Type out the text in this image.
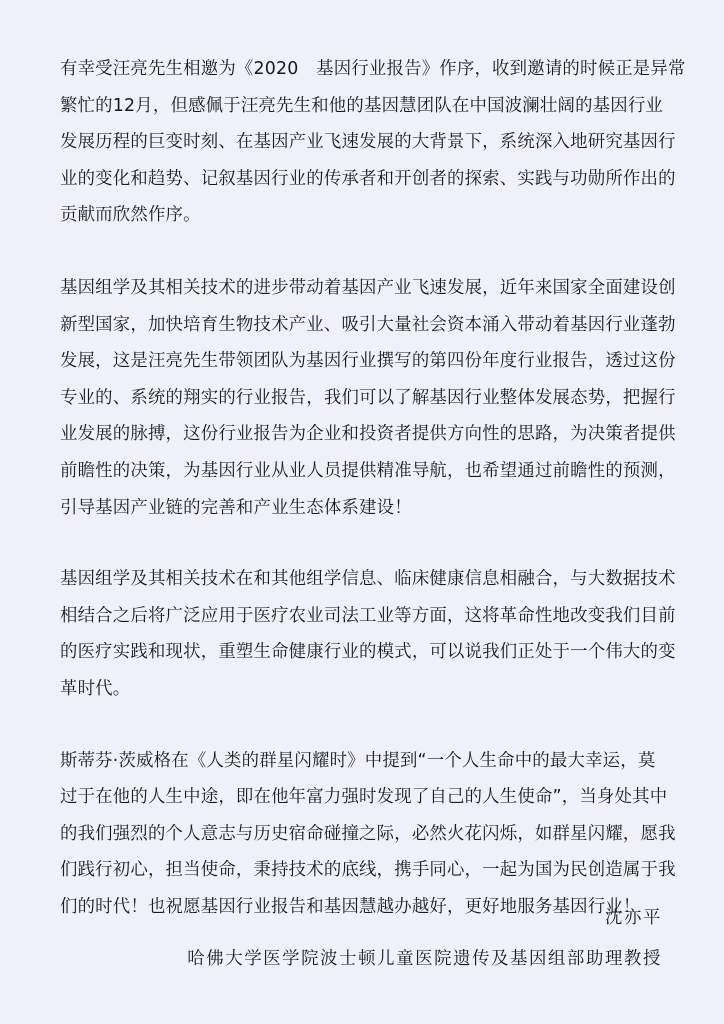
有幸受汪亮先生相邀为《2020　基因行业报告》作序，收到邀请的时候正是异常
繁忙的12月，但感佩于汪亮先生和他的基因慧团队在中国波澜壮阔的基因行业
发展历程的巨变时刻、在基因产业飞速发展的大背景下，系统深入地研究基因行
业的变化和趋势、记叙基因行业的传承者和开创者的探索、实践与功勋所作出的
贡献而欣然作序。

基因组学及其相关技术的进步带动着基因产业飞速发展，近年来国家全面建设创
新型国家，加快培育生物技术产业、吸引大量社会资本涌入带动着基因行业蓬勃
发展，这是汪亮先生带领团队为基因行业撰写的第四份年度行业报告，透过这份
专业的、系统的翔实的行业报告，我们可以了解基因行业整体发展态势，把握行
业发展的脉搏，这份行业报告为企业和投资者提供方向性的思路，为决策者提供
前瞻性的决策，为基因行业从业人员提供精准导航，也希望通过前瞻性的预测，
引导基因产业链的完善和产业生态体系建设！

基因组学及其相关技术在和其他组学信息、临床健康信息相融合，与大数据技术
相结合之后将广泛应用于医疗农业司法工业等方面，这将革命性地改变我们目前
的医疗实践和现状，重塑生命健康行业的模式，可以说我们正处于一个伟大的变
革时代。

斯蒂芬·茨威格在《人类的群星闪耀时》中提到“一个人生命中的最大幸运，莫
过于在他的人生中途，即在他年富力强时发现了自己的人生使命”，当身处其中
的我们强烈的个人意志与历史宿命碰撞之际，必然火花闪烁，如群星闪耀，愿我
们践行初心，担当使命，秉持技术的底线，携手同心，一起为国为民创造属于我
们的时代！也祝愿基因行业报告和基因慧越办越好，更好地服务基因行业！

沈亦平
哈佛大学医学院波士顿儿童医院遗传及基因组部助理教授
